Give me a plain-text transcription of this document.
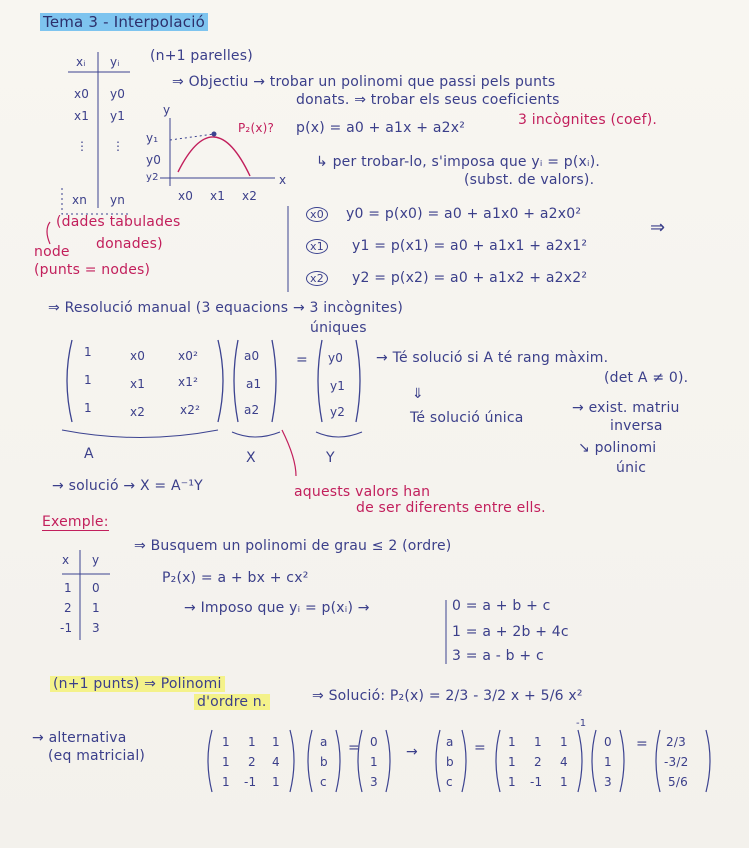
Tema 3 - Interpolació
xᵢ yᵢ
x0 y0
x1 y1
⋮ ⋮
xn yn
(n+1 parelles)
⇒ Objectiu → trobar un polinomi que passi pels punts
donats. ⇒ trobar els seus coeficients
y
x
y₁
y0
y2
x0 x1 x2
P₂(x)? p(x) = a0 + a1x + a2x²	3 incògnites (coef).
↳ per trobar-lo, s'imposa que yᵢ = p(xᵢ).
(subst. de valors).
(dades tabulades
donades)
node
(punts = nodes)
x0 y0 = p(x0) = a0 + a1x0 + a2x0²
x1 y1 = p(x1) = a0 + a1x1 + a2x1²
x2 y2 = p(x2) = a0 + a1x2 + a2x2²
⇒
⇒ Resolució manual (3 equacions → 3 incògnites)
úniques
1	x0	x0²
1	x1	x1²
1	x2	x2²
a0
a1
a2
= y0
y1
y2
A	X	Y
→ Té solució si A té rang màxim.
(det A ≠ 0).
⇓
Té solució única
→ exist. matriu
inversa
↘ polinomi
únic
→ solució → X = A⁻¹Y	aquests valors han
de ser diferents entre ells.
Exemple:
x y
1 0
2 1
-1 3
⇒ Busquem un polinomi de grau ≤ 2 (ordre)
P₂(x) = a + bx + cx²
→ Imposo que yᵢ = p(xᵢ) →	0 = a + b + c
1 = a + 2b + 4c
3 = a - b + c
(n+1 punts) ⇒ Polinomi
d'ordre n.	⇒ Solució: P₂(x) = 2/3 - 3/2 x + 5/6 x²
→ alternativa
(eq matricial)
1 1 1
1 2 4
1 -1 1
a
b
c
= 0
1
3
→
a
b
c
= 1 1 1
1 2 4
1 -1 1
-1
0
1
3
= 2/3
-3/2
5/6
